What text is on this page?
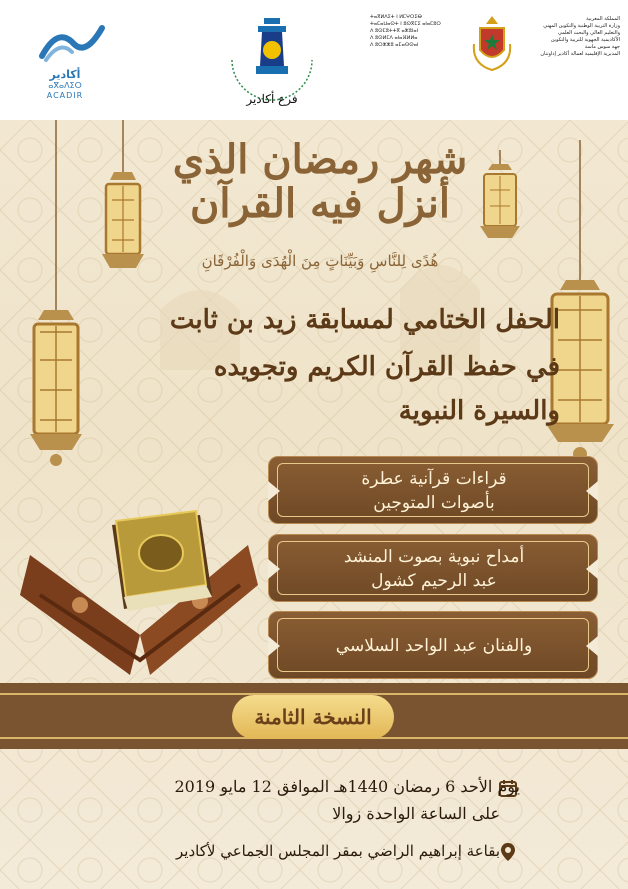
أكادير
ⴰⴳⴰⴷⵉⵔ
ACADIR	فرع أكادير
ⵜⴰⴳⵍⴷⵉⵜ ⵏ ⵍⵎⵖⵔⵉⴱ
ⵜⴰⵎⴰⵡⴰⵙⵜ ⵏ ⵓⵙⴳⵎⵉ ⴰⵏⴰⵎⵓⵔ
ⴷ ⵓⵙⵎⵓⵜⵜⴳ ⴰⵣⵓⵏⴰⵏ
ⴷ ⵓⵙⵍⵎⴷ ⴰⵏⴰⴼⵍⵍⴰ
ⴷ ⵓⵔⵣⵣⵓ ⴰⵎⴰⵙⵙⴰⵏ
المملكة المغربية
وزارة التربية الوطنية والتكوين المهني
والتعليم العالي والبحث العلمي
الأكاديمية الجهوية للتربية والتكوين
جهة سوس ماسة
المديرية الإقليمية لعمالة أكادير إداوتنان
شهر رمضان الذي أنزل فيه القرآن
هُدًى لِلنَّاسِ وَبَيِّنَاتٍ مِنَ الْهُدَى وَالْفُرْقَانِ
الحفل الختامي لمسابقة زيد بن ثابت
في حفظ القرآن الكريم وتجويده
والسيرة النبوية
قراءات قرآنية عطرة
بأصوات المتوجين
أمداح نبوية بصوت المنشد
عبد الرحيم كشول
والفنان عبد الواحد السلاسي
النسخة الثامنة
يوم الأحد 6 رمضان 1440هـ الموافق 12 مايو 2019
على الساعة الواحدة زوالا
بقاعة إبراهيم الراضي بمقر المجلس الجماعي لأكادير
